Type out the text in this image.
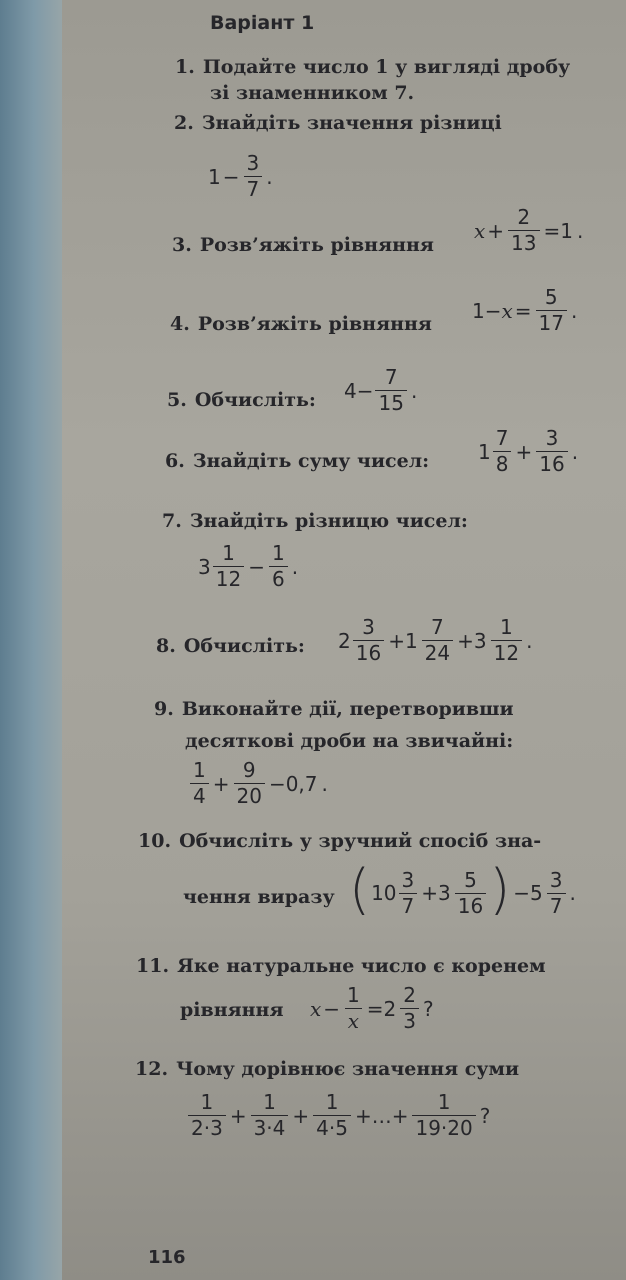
Варіант 1
1. Подайте число 1 у вигляді дробу
зі знаменником 7.
2. Знайдіть значення різниці
$1 - \frac{3}{7}$ .
3. Розв’яжіть рівняння
$x + \frac{2}{13} =1$ .
4. Розв’яжіть рівняння
$1- x = \frac{5}{17}$ .
5. Обчисліть: $4- \frac{7}{15}$ .
6. Знайдіть суму чисел: $1 \frac{7}{8} + \frac{3}{16}$ .
7. Знайдіть різницю чисел:
$3 \frac{1}{12} - \frac{1}{6}$ .
8. Обчисліть: $2 \frac{3}{16} +1 \frac{7}{24} +3 \frac{1}{12}$ .
9. Виконайте дії, перетворивши
десяткові дроби на звичайні:
$\frac{1}{4} + \frac{9}{20} -0,7$ .
10. Обчисліть у зручний спосіб зна-
чення виразу ( $10 \frac{3}{7} +3 \frac{5}{16}$ ) $-5 \frac{3}{7}$ .
11. Яке натуральне число є коренем
рівняння $x - \frac{1}{x} =2 \frac{2}{3}$ ?
12. Чому дорівнює значення суми
$\frac{1}{2\cdot 3} + \frac{1}{3\cdot 4} + \frac{1}{4\cdot 5}$ +…+ $\frac{1}{19\cdot 20}$ ?
116
